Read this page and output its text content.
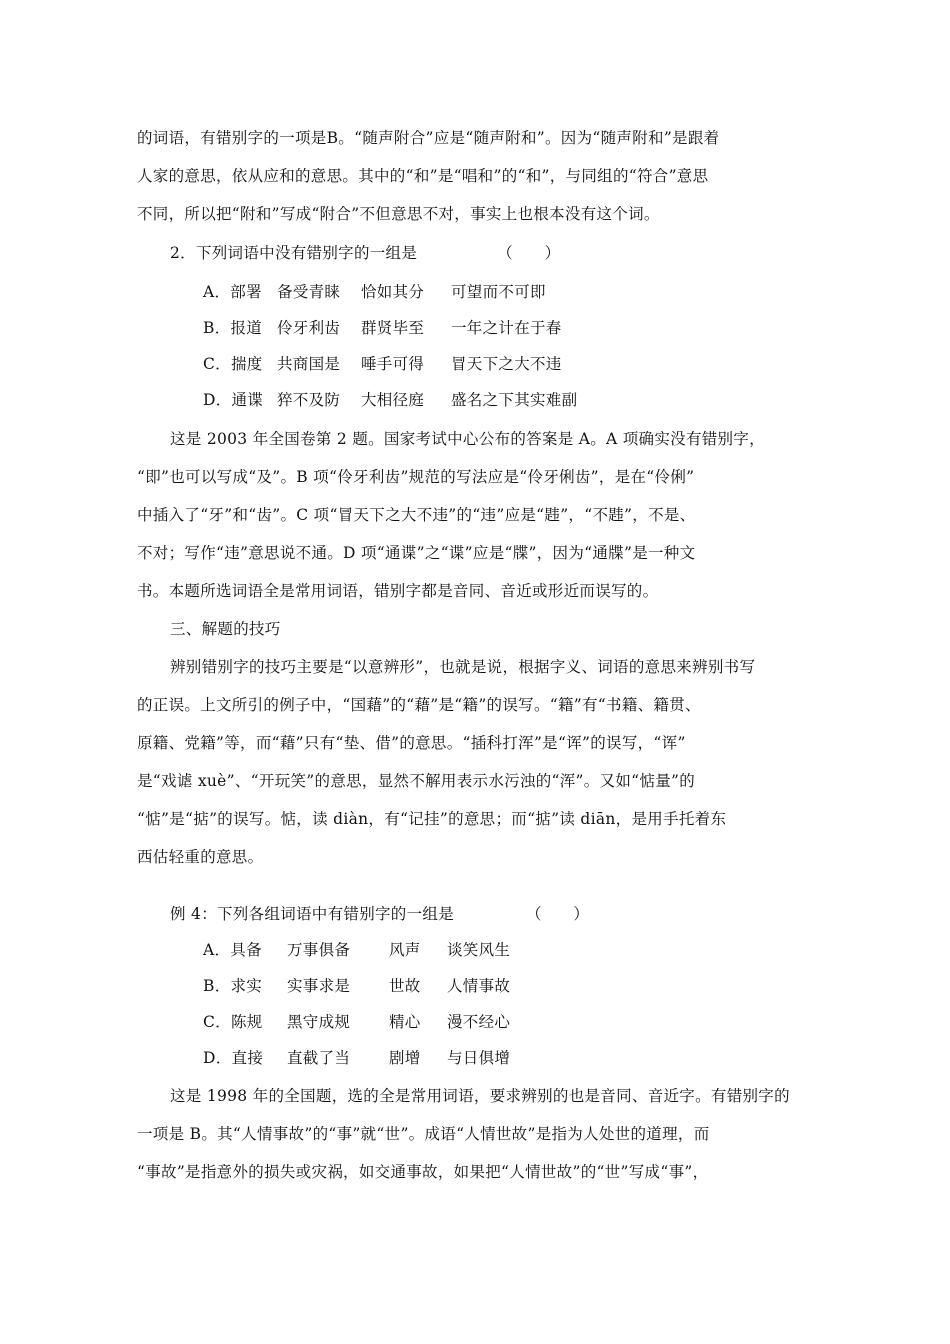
的词语，有错别字的一项是B。“随声附合”应是“随声附和”。因为“随声附和”是跟着
人家的意思，依从应和的意思。其中的“和”是“唱和”的“和”，与同组的“符合”意思
不同，所以把“附和”写成“附合”不但意思不对，事实上也根本没有这个词。
2．下列词语中没有错别字的一组是	（　　）
A．部署 备受青睐 恰如其分 可望而不可即
B．报道 伶牙利齿 群贤毕至 一年之计在于春
C．揣度 共商国是 唾手可得 冒天下之大不违
D．通谍 猝不及防 大相径庭 盛名之下其实难副
这是 2003 年全国卷第 2 题。国家考试中心公布的答案是 A。A 项确实没有错别字，
“即”也可以写成“及”。B 项“伶牙利齿”规范的写法应是“伶牙俐齿”，是在“伶俐”
中插入了“牙”和“齿”。C 项“冒天下之大不违”的“违”应是“韪”，“不韪”，不是、
不对；写作“违”意思说不通。D 项“通谍”之“谍”应是“牒”，因为“通牒”是一种文
书。本题所选词语全是常用词语，错别字都是音同、音近或形近而误写的。
三、解题的技巧
辨别错别字的技巧主要是“以意辨形”，也就是说，根据字义、词语的意思来辨别书写
的正误。上文所引的例子中，“国藉”的“藉”是“籍”的误写。“籍”有“书籍、籍贯、
原籍、党籍”等，而“藉”只有“垫、借”的意思。“插科打浑”是“诨”的误写，“诨”
是“戏谑 xuè”、“开玩笑”的意思，显然不解用表示水污浊的“浑”。又如“惦量”的
“惦”是“掂”的误写。惦，读 diàn，有“记挂”的意思；而“掂”读 diān，是用手托着东
西估轻重的意思。
例 4：下列各组词语中有错别字的一组是	（　　）
A．具备 万事俱备	风声 谈笑风生
B．求实 实事求是	世故 人情事故
C．陈规 黑守成规	精心 漫不经心
D．直接 直截了当	剧增 与日俱增
这是 1998 年的全国题，选的全是常用词语，要求辨别的也是音同、音近字。有错别字的
一项是 B。其“人情事故”的“事”就“世”。成语“人情世故”是指为人处世的道理，而
“事故”是指意外的损失或灾祸，如交通事故，如果把“人情世故”的“世”写成“事”，
